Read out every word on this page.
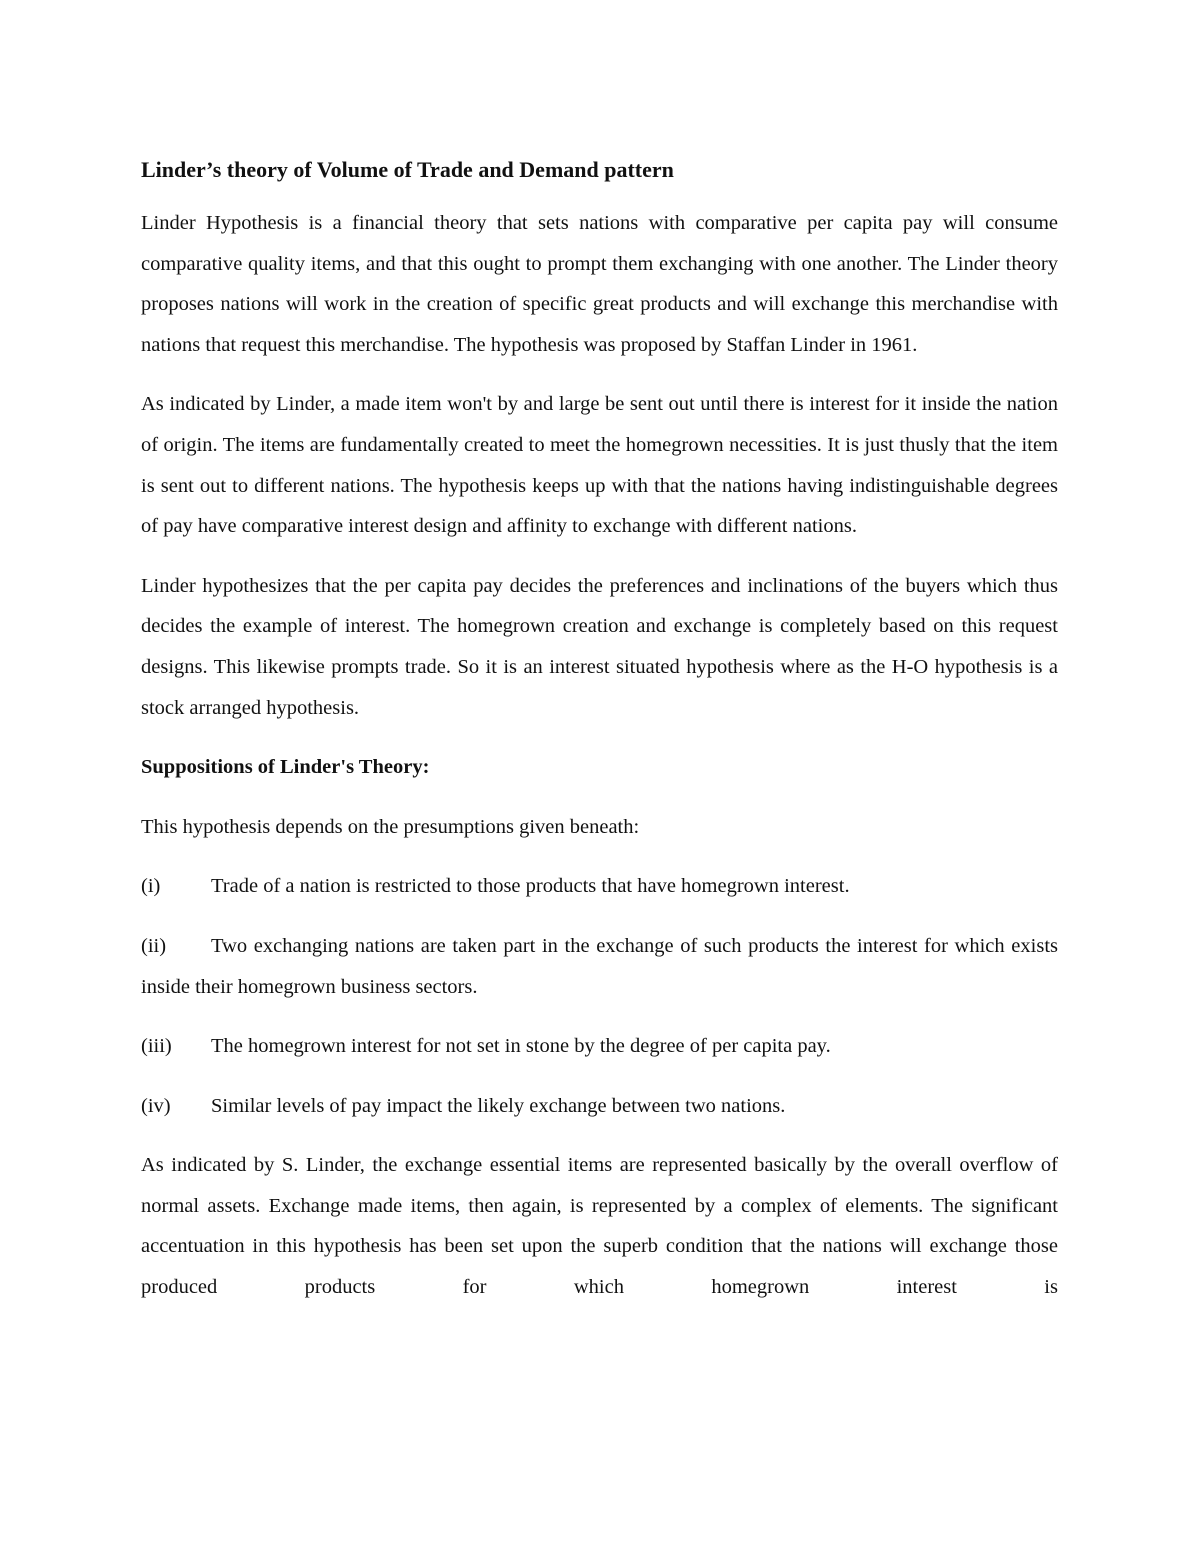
Linder’s theory of Volume of Trade and Demand pattern

Linder Hypothesis is a financial theory that sets nations with comparative per capita pay will consume comparative quality items, and that this ought to prompt them exchanging with one another. The Linder theory proposes nations will work in the creation of specific great products and will exchange this merchandise with nations that request this merchandise. The hypothesis was proposed by Staffan Linder in 1961.

As indicated by Linder, a made item won't by and large be sent out until there is interest for it inside the nation of origin. The items are fundamentally created to meet the homegrown necessities. It is just thusly that the item is sent out to different nations. The hypothesis keeps up with that the nations having indistinguishable degrees of pay have comparative interest design and affinity to exchange with different nations.

Linder hypothesizes that the per capita pay decides the preferences and inclinations of the buyers which thus decides the example of interest. The homegrown creation and exchange is completely based on this request designs. This likewise prompts trade. So it is an interest situated hypothesis where as the H-O hypothesis is a stock arranged hypothesis.

Suppositions of Linder's Theory:

This hypothesis depends on the presumptions given beneath:

(i) Trade of a nation is restricted to those products that have homegrown interest.
(ii) Two exchanging nations are taken part in the exchange of such products the interest for which exists inside their homegrown business sectors.
(iii) The homegrown interest for not set in stone by the degree of per capita pay.
(iv) Similar levels of pay impact the likely exchange between two nations.

As indicated by S. Linder, the exchange essential items are represented basically by the overall overflow of normal assets. Exchange made items, then again, is represented by a complex of elements. The significant accentuation in this hypothesis has been set upon the superb condition that the nations will exchange those produced products for which homegrown interest is
